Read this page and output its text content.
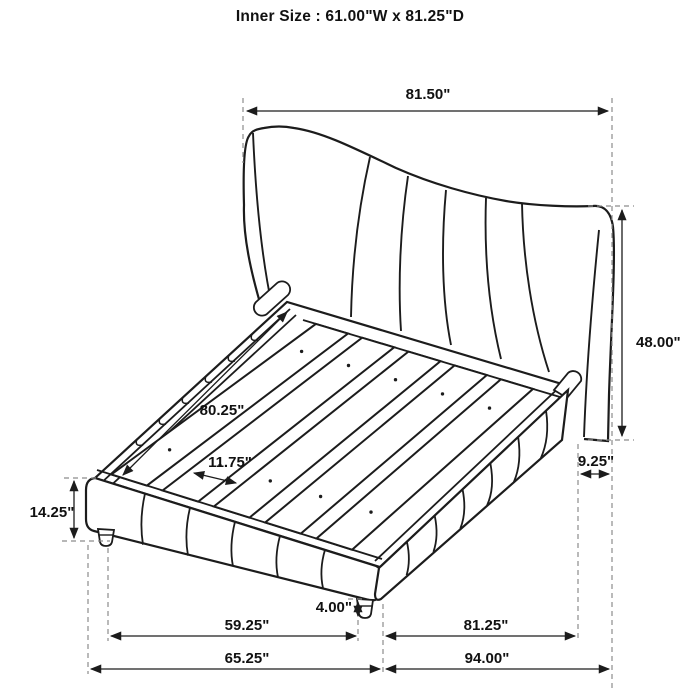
Inner Size : 61.00"W x 81.25"D
81.50"
48.00"
9.25"
80.25"
11.75"
14.25"
4.00"
59.25"	81.25"
65.25"	94.00"
